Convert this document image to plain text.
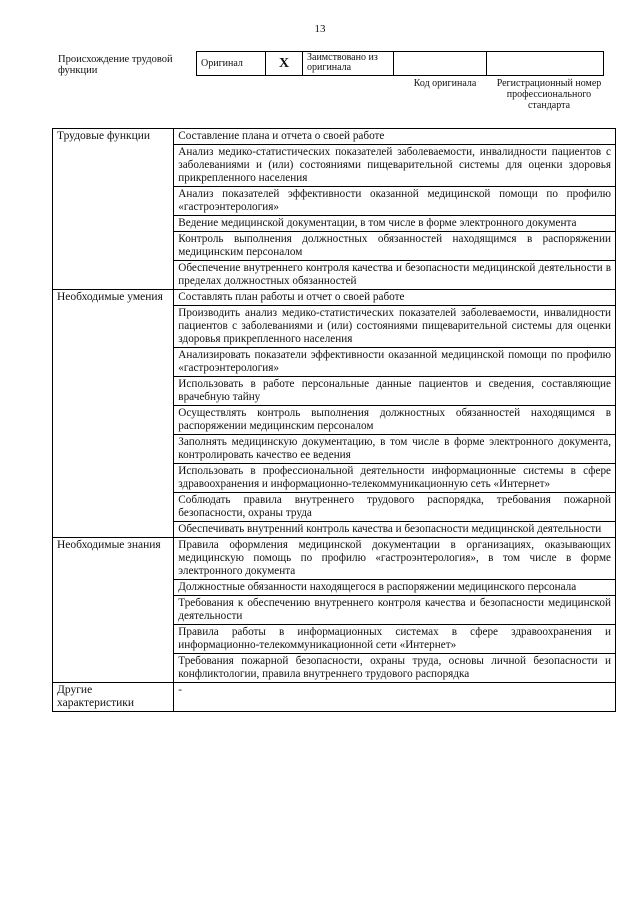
13
Происхождение трудовой функции
Оригинал	X	Заимствовано из оригинала		
Код оригинала	Регистрационный номер профессионального стандарта
Трудовые функции	Составление плана и отчета о своей работе
	Анализ медико-статистических показателей заболеваемости, инвалидности пациентов с заболеваниями и (или) состояниями пищеварительной системы для оценки здоровья прикрепленного населения
	Анализ показателей эффективности оказанной медицинской помощи по профилю «гастроэнтерология»
	Ведение медицинской документации, в том числе в форме электронного документа
	Контроль выполнения должностных обязанностей находящимся в распоряжении медицинским персоналом
	Обеспечение внутреннего контроля качества и безопасности медицинской деятельности в пределах должностных обязанностей
Необходимые умения	Составлять план работы и отчет о своей работе
	Производить анализ медико-статистических показателей заболеваемости, инвалидности пациентов с заболеваниями и (или) состояниями пищеварительной системы для оценки здоровья прикрепленного населения
	Анализировать показатели эффективности оказанной медицинской помощи по профилю «гастроэнтерология»
	Использовать в работе персональные данные пациентов и сведения, составляющие врачебную тайну
	Осуществлять контроль выполнения должностных обязанностей находящимся в распоряжении медицинским персоналом
	Заполнять медицинскую документацию, в том числе в форме электронного документа, контролировать качество ее ведения
	Использовать в профессиональной деятельности информационные системы в сфере здравоохранения и информационно-телекоммуникационную сеть «Интернет»
	Соблюдать правила внутреннего трудового распорядка, требования пожарной безопасности, охраны труда
	Обеспечивать внутренний контроль качества и безопасности медицинской деятельности
Необходимые знания	Правила оформления медицинской документации в организациях, оказывающих медицинскую помощь по профилю «гастроэнтерология», в том числе в форме электронного документа
	Должностные обязанности находящегося в распоряжении медицинского персонала
	Требования к обеспечению внутреннего контроля качества и безопасности медицинской деятельности
	Правила работы в информационных системах в сфере здравоохранения и информационно-телекоммуникационной сети «Интернет»
	Требования пожарной безопасности, охраны труда, основы личной безопасности и конфликтологии, правила внутреннего трудового распорядка
Другие характеристики	-
